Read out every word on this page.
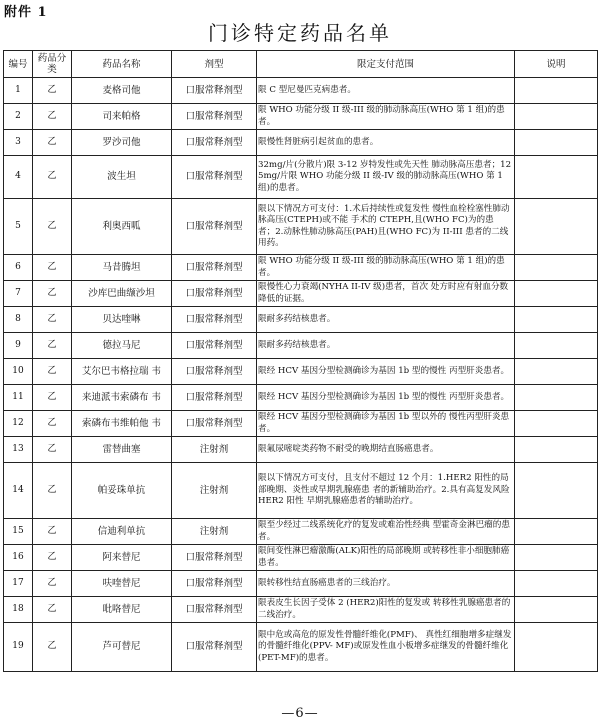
附件 1
门诊特定药品名单
编号	药品分类	药品名称	剂型	限定支付范围	说明
1	乙	麦格司他	口服常释剂型	限 C 型尼曼匹克病患者。	
2	乙	司来帕格	口服常释剂型	限 WHO 功能分级 II 级-III 级的肺动脉高压(WHO 第 1 组)的患者。	
3	乙	罗沙司他	口服常释剂型	限慢性肾脏病引起贫血的患者。	
4	乙	波生坦	口服常释剂型	32mg/片(分散片)限 3-12 岁特发性或先天性 肺动脉高压患者；125mg/片限 WHO 功能分级 II 级-IV 级的肺动脉高压(WHO 第 1 组)的患者。	
5	乙	利奥西呱	口服常释剂型	限以下情况方可支付：1.术后持续性或复发性 慢性血栓栓塞性肺动脉高压(CTEPH)或不能 手术的 CTEPH,且(WHO FC)为的患 者；2.动脉性肺动脉高压(PAH)且(WHO FC)为 II-III 患者的二线用药。	
6	乙	马昔腾坦	口服常释剂型	限 WHO 功能分级 II 级-III 级的肺动脉高压(WHO 第 1 组)的患者。	
7	乙	沙库巴曲缬沙坦	口服常释剂型	限慢性心力衰竭(NYHA II-IV 级)患者，首次 处方时应有射血分数降低的证据。	
8	乙	贝达喹啉	口服常释剂型	限耐多药结核患者。	
9	乙	德拉马尼	口服常释剂型	限耐多药结核患者。	
10	乙	艾尔巴韦格拉瑞 韦	口服常释剂型	限经 HCV 基因分型检测确诊为基因 1b 型的慢性 丙型肝炎患者。	
11	乙	来迪派韦索磷布 韦	口服常释剂型	限经 HCV 基因分型检测确诊为基因 1b 型的慢性 丙型肝炎患者。	
12	乙	索磷布韦维帕他 韦	口服常释剂型	限经 HCV 基因分型检测确诊为基因 1b 型以外的 慢性丙型肝炎患者。	
13	乙	雷替曲塞	注射剂	限氟尿嘧啶类药物不耐受的晚期结直肠癌患者。	
14	乙	帕妥珠单抗	注射剂	限以下情况方可支付，且支付不超过 12 个月：1.HER2 阳性的局部晚期、炎性或早期乳腺癌患 者的新辅助治疗。2.具有高复发风险 HER2 阳性 早期乳腺癌患者的辅助治疗。	
15	乙	信迪利单抗	注射剂	限至少经过二线系统化疗的复发或难治性经典 型霍奇金淋巴瘤的患者。	
16	乙	阿来替尼	口服常释剂型	限间变性淋巴瘤激酶(ALK)阳性的局部晚期 或转移性非小细胞肺癌患者。	
17	乙	呋喹替尼	口服常释剂型	限转移性结直肠癌患者的三线治疗。	
18	乙	吡咯替尼	口服常释剂型	限表皮生长因子受体 2 (HER2)阳性的复发或 转移性乳腺癌患者的二线治疗。	
19	乙	芦可替尼	口服常释剂型	限中危或高危的原发性骨髓纤维化(PMF)、 真性红细胞增多症继发的骨髓纤维化(PPV- MF)或原发性血小板增多症继发的骨髓纤维化 (PET-MF)的患者。	
—6—
